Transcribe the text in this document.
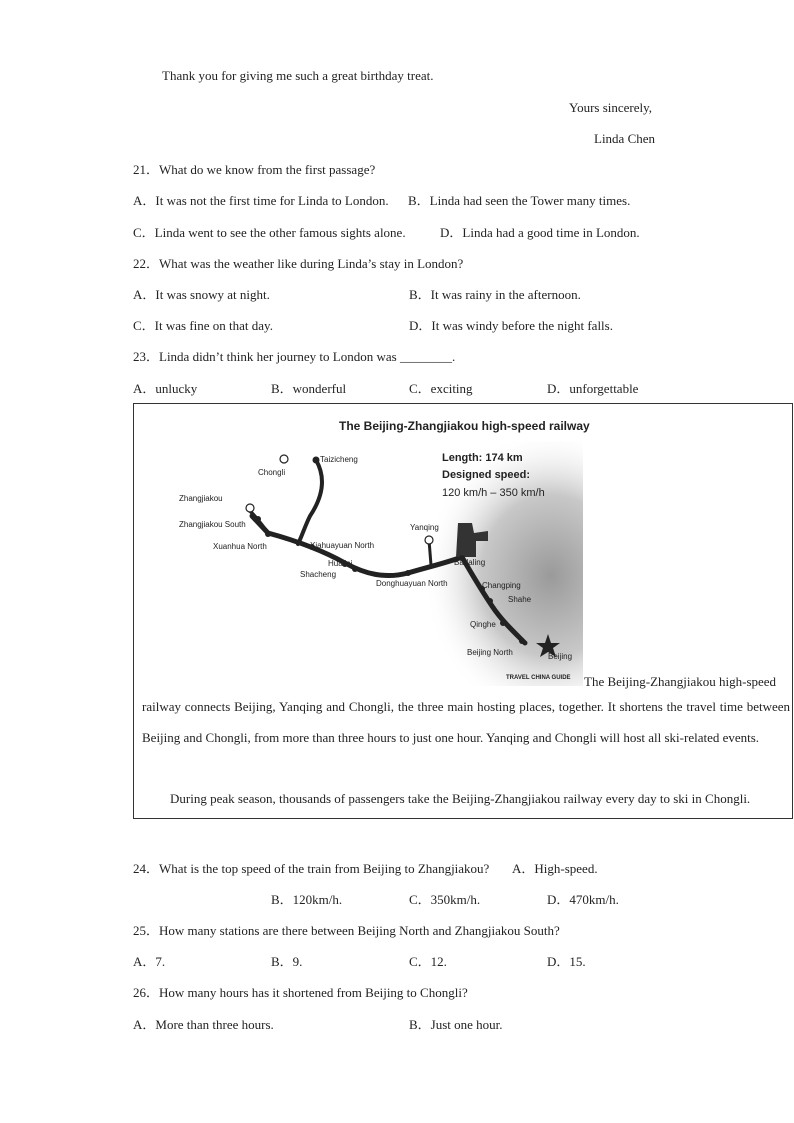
Thank you for giving me such a great birthday treat.
Yours sincerely,
Linda Chen
21．What do we know from the first passage?
A．It was not the first time for Linda to London. B．Linda had seen the Tower many times.
C．Linda went to see the other famous sights alone.	D．Linda had a good time in London.
22．What was the weather like during Linda’s stay in London?
A．It was snowy at night.	B．It was rainy in the afternoon.
C．It was fine on that day.	D．It was windy before the night falls.
23．Linda didn’t think her journey to London was ________.
A．unlucky	B．wonderful	C．exciting	D．unforgettable
The Beijing-Zhangjiakou high-speed railway
Length: 174 km
Designed speed:
120 km/h – 350 km/h
Chongli
Taizicheng
Zhangjiakou
Zhangjiakou South
Xuanhua North	Xiahuayuan North
Huailai
Shacheng
Donghuayuan North
Yanqing
Badaling
Changping
Shahe
Qinghe
Beijing North	Beijing
TRAVEL CHINA GUIDE The Beijing-Zhangjiakou high-speed
railway connects Beijing, Yanqing and Chongli, the three main hosting places, together. It shortens the travel time between Beijing and Chongli, from more than three hours to just one hour. Yanqing and Chongli will host all ski-related events.
During peak season, thousands of passengers take the Beijing-Zhangjiakou railway every day to ski in Chongli.
24．What is the top speed of the train from Beijing to Zhangjiakou? A．High-speed.
B．120km/h.	C．350km/h.	D．470km/h.
25．How many stations are there between Beijing North and Zhangjiakou South?
A．7.	B．9.	C．12.	D．15.
26．How many hours has it shortened from Beijing to Chongli?
A．More than three hours.	B．Just one hour.
